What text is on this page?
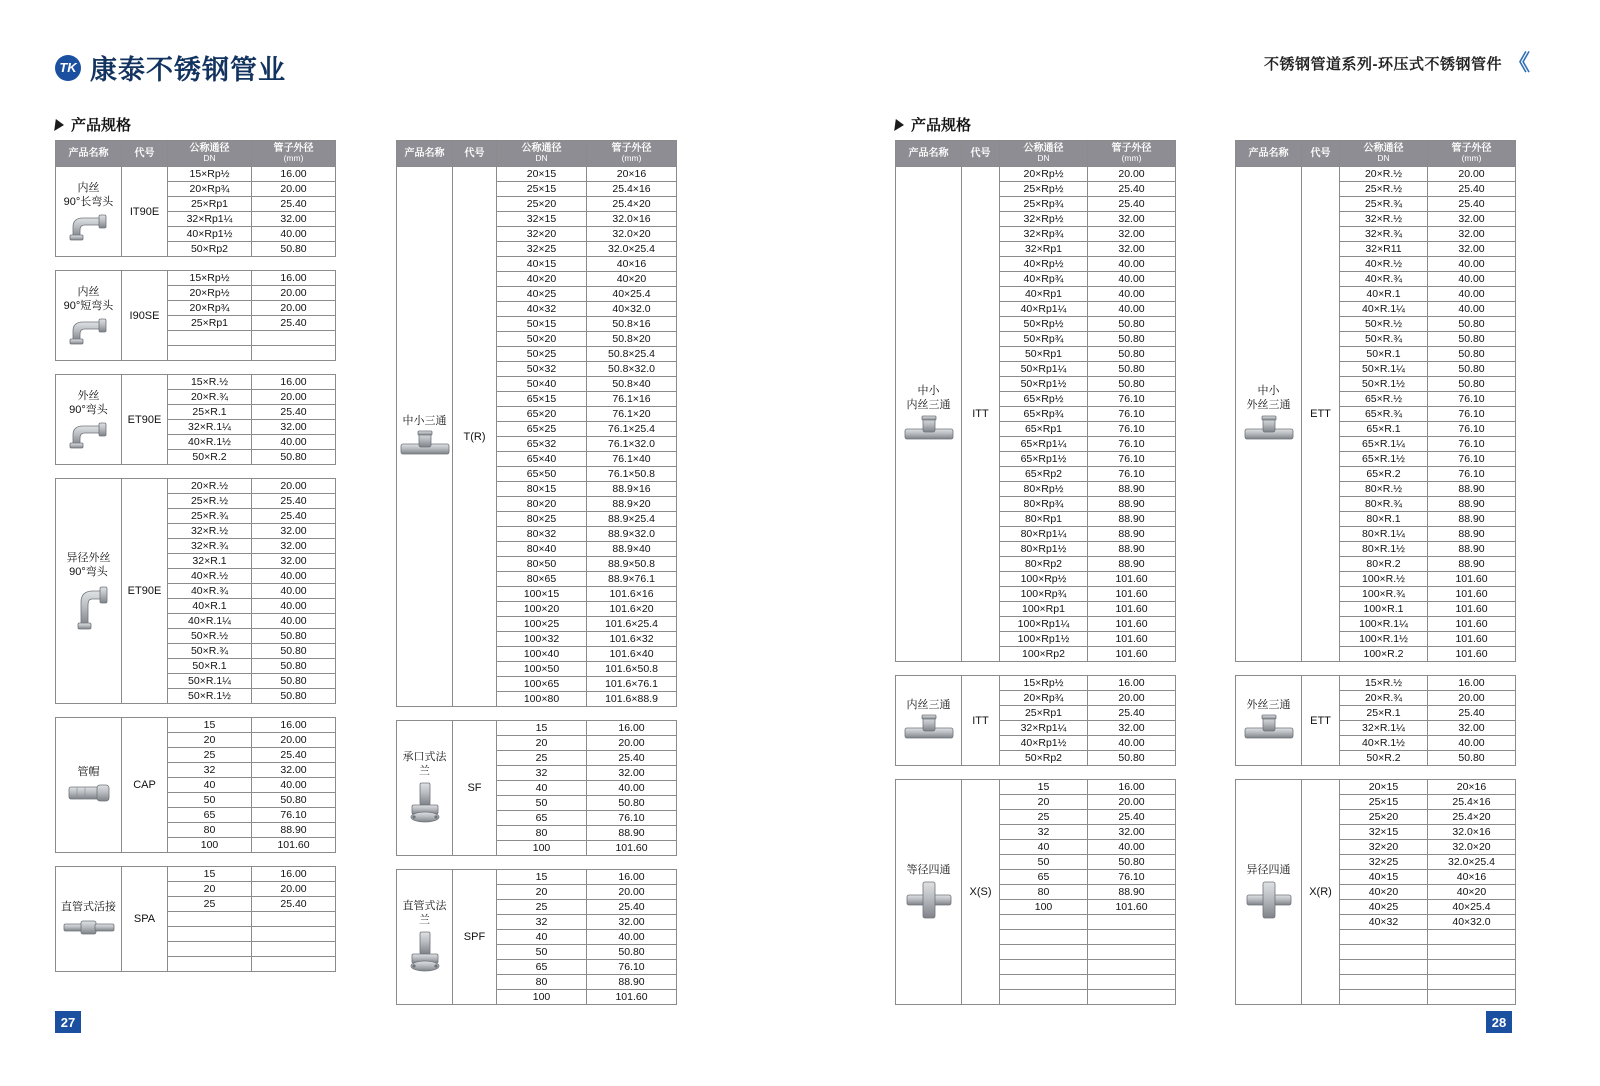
TK 康泰不锈钢管业	不锈钢管道系列-环压式不锈钢管件 《
产品规格	产品规格
产品名称	代号	公称通径
DN	管子外径
(mm)

内丝
90°长弯头	IT90E	15×Rp½	16.00
		20×Rp¾	20.00
		25×Rp1	25.40
		32×Rp1¼	32.00
		40×Rp1½	40.00
		50×Rp2	50.80

内丝
90°短弯头	I90SE	15×Rp½	16.00
		20×Rp½	20.00
		20×Rp¾	20.00
		25×Rp1	25.40

外丝
90°弯头	ET90E	15×R.½	16.00
		20×R.¾	20.00
		25×R.1	25.40
		32×R.1¼	32.00
		40×R.1½	40.00
		50×R.2	50.80

异径外丝
90°弯头	ET90E	20×R.½	20.00
		25×R.½	25.40
		25×R.¾	25.40
		32×R.½	32.00
		32×R.¾	32.00
		32×R.1	32.00
		40×R.½	40.00
		40×R.¾	40.00
		40×R.1	40.00
		40×R.1¼	40.00
		50×R.½	50.80
		50×R.¾	50.80
		50×R.1	50.80
		50×R.1¼	50.80
		50×R.1½	50.80

管帽	CAP	15	16.00
		20	20.00
		25	25.40
		32	32.00
		40	40.00
		50	50.80
		65	76.10
		80	88.90
		100	101.60

直管式活接	SPA	15	16.00
		20	20.00
		25	25.40

产品名称	代号	公称通径
DN	管子外径
(mm)

中小三通	T(R)	20×15	20×16
		25×15	25.4×16
		25×20	25.4×20
		32×15	32.0×16
		32×20	32.0×20
		32×25	32.0×25.4
		40×15	40×16
		40×20	40×20
		40×25	40×25.4
		40×32	40×32.0
		50×15	50.8×16
		50×20	50.8×20
		50×25	50.8×25.4
		50×32	50.8×32.0
		50×40	50.8×40
		65×15	76.1×16
		65×20	76.1×20
		65×25	76.1×25.4
		65×32	76.1×32.0
		65×40	76.1×40
		65×50	76.1×50.8
		80×15	88.9×16
		80×20	88.9×20
		80×25	88.9×25.4
		80×32	88.9×32.0
		80×40	88.9×40
		80×50	88.9×50.8
		80×65	88.9×76.1
		100×15	101.6×16
		100×20	101.6×20
		100×25	101.6×25.4
		100×32	101.6×32
		100×40	101.6×40
		100×50	101.6×50.8
		100×65	101.6×76.1
		100×80	101.6×88.9

承口式法兰	SF	15	16.00
		20	20.00
		25	25.40
		32	32.00
		40	40.00
		50	50.80
		65	76.10
		80	88.90
		100	101.60

直管式法兰	SPF	15	16.00
		20	20.00
		25	25.40
		32	32.00
		40	40.00
		50	50.80
		65	76.10
		80	88.90
		100	101.60

产品名称	代号	公称通径
DN	管子外径
(mm)

中小
内丝三通	ITT	20×Rp½	20.00
		25×Rp½	25.40
		25×Rp¾	25.40
		32×Rp½	32.00
		32×Rp¾	32.00
		32×Rp1	32.00
		40×Rp½	40.00
		40×Rp¾	40.00
		40×Rp1	40.00
		40×Rp1¼	40.00
		50×Rp½	50.80
		50×Rp¾	50.80
		50×Rp1	50.80
		50×Rp1¼	50.80
		50×Rp1½	50.80
		65×Rp½	76.10
		65×Rp¾	76.10
		65×Rp1	76.10
		65×Rp1¼	76.10
		65×Rp1½	76.10
		65×Rp2	76.10
		80×Rp½	88.90
		80×Rp¾	88.90
		80×Rp1	88.90
		80×Rp1¼	88.90
		80×Rp1½	88.90
		80×Rp2	88.90
		100×Rp½	101.60
		100×Rp¾	101.60
		100×Rp1	101.60
		100×Rp1¼	101.60
		100×Rp1½	101.60
		100×Rp2	101.60

内丝三通	ITT	15×Rp½	16.00
		20×Rp¾	20.00
		25×Rp1	25.40
		32×Rp1¼	32.00
		40×Rp1½	40.00
		50×Rp2	50.80

等径四通	X(S)	15	16.00
		20	20.00
		25	25.40
		32	32.00
		40	40.00
		50	50.80
		65	76.10
		80	88.90
		100	101.60

产品名称	代号	公称通径
DN	管子外径
(mm)

中小
外丝三通	ETT	20×R.½	20.00
		25×R.½	25.40
		25×R.¾	25.40
		32×R.½	32.00
		32×R.¾	32.00
		32×R11	32.00
		40×R.½	40.00
		40×R.¾	40.00
		40×R.1	40.00
		40×R.1¼	40.00
		50×R.½	50.80
		50×R.¾	50.80
		50×R.1	50.80
		50×R.1¼	50.80
		50×R.1½	50.80
		65×R.½	76.10
		65×R.¾	76.10
		65×R.1	76.10
		65×R.1¼	76.10
		65×R.1½	76.10
		65×R.2	76.10
		80×R.½	88.90
		80×R.¾	88.90
		80×R.1	88.90
		80×R.1¼	88.90
		80×R.1½	88.90
		80×R.2	88.90
		100×R.½	101.60
		100×R.¾	101.60
		100×R.1	101.60
		100×R.1¼	101.60
		100×R.1½	101.60
		100×R.2	101.60

外丝三通	ETT	15×R.½	16.00
		20×R.¾	20.00
		25×R.1	25.40
		32×R.1¼	32.00
		40×R.1½	40.00
		50×R.2	50.80

异径四通	X(R)	20×15	20×16
		25×15	25.4×16
		25×20	25.4×20
		32×15	32.0×16
		32×20	32.0×20
		32×25	32.0×25.4
		40×15	40×16
		40×20	40×20
		40×25	40×25.4
		40×32	40×32.0

27	28
